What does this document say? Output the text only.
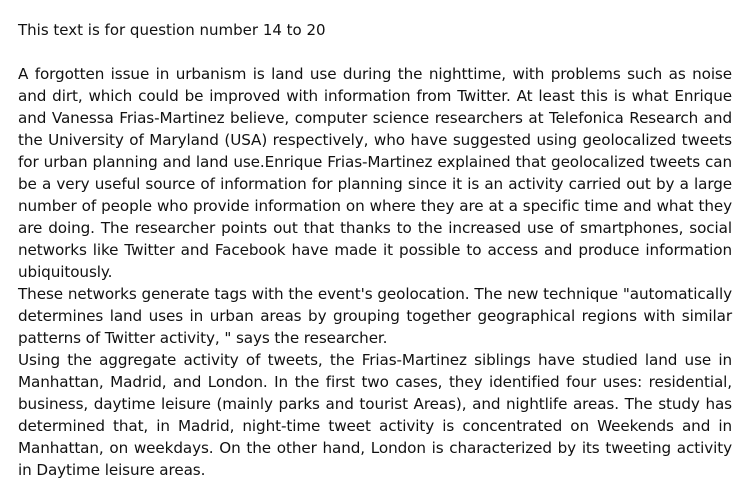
This text is for question number 14 to 20

A forgotten issue in urbanism is land use during the nighttime, with problems such as noise and dirt, which could be improved with information from Twitter. At least this is what Enrique and Vanessa Frias-Martinez believe, computer science researchers at Telefonica Research and the University of Maryland (USA) respectively, who have suggested using geolocalized tweets for urban planning and land use.Enrique Frias-Martinez explained that geolocalized tweets can be a very useful source of information for planning since it is an activity carried out by a large number of people who provide information on where they are at a specific time and what they are doing. The researcher points out that thanks to the increased use of smartphones, social networks like Twitter and Facebook have made it possible to access and produce information ubiquitously.

These networks generate tags with the event's geolocation. The new technique "automatically determines land uses in urban areas by grouping together geographical regions with similar patterns of Twitter activity, " says the researcher.

Using the aggregate activity of tweets, the Frias-Martinez siblings have studied land use in Manhattan, Madrid, and London. In the first two cases, they identified four uses: residential, business, daytime leisure (mainly parks and tourist Areas), and nightlife areas. The study has determined that, in Madrid, night-time tweet activity is concentrated on Weekends and in Manhattan, on weekdays. On the other hand, London is characterized by its tweeting activity in Daytime leisure areas.
